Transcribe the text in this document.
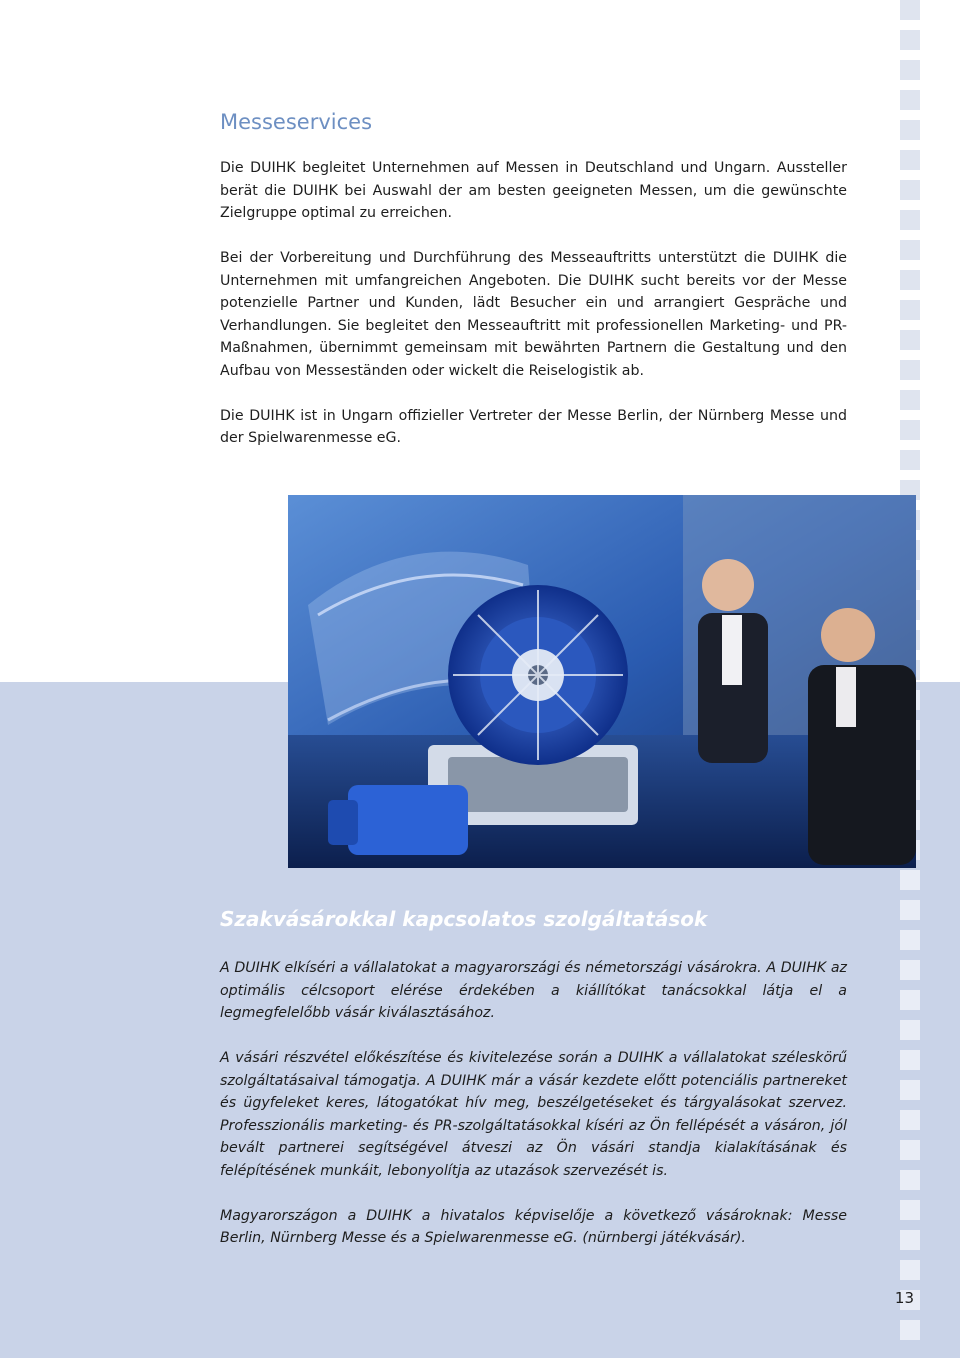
Messeservices

Die DUIHK begleitet Unternehmen auf Messen in Deutschland und Ungarn. Aussteller berät die DUIHK bei Auswahl der am besten geeigneten Messen, um die gewünschte Zielgruppe optimal zu erreichen.

Bei der Vorbereitung und Durchführung des Messeauftritts unterstützt die DUIHK die Unternehmen mit umfangreichen Angeboten. Die DUIHK sucht bereits vor der Messe potenzielle Partner und Kunden, lädt Besucher ein und arrangiert Gespräche und Verhandlungen. Sie begleitet den Messeauftritt mit professionellen Marketing- und PR-Maßnahmen, übernimmt gemeinsam mit bewährten Partnern die Gestaltung und den Aufbau von Messeständen oder wickelt die Reiselogistik ab.

Die DUIHK ist in Ungarn offizieller Vertreter der Messe Berlin, der Nürnberg Messe und der Spielwarenmesse eG.

Szakvásárokkal kapcsolatos szolgáltatások

A DUIHK elkíséri a vállalatokat a magyarországi és németországi vásárokra. A DUIHK az optimális célcsoport elérése érdekében a kiállítókat tanácsokkal látja el a legmegfelelőbb vásár kiválasztásához.

A vásári részvétel előkészítése és kivitelezése során a DUIHK a vállalatokat széleskörű szolgáltatásaival támogatja. A DUIHK már a vásár kezdete előtt potenciális partnereket és ügyfeleket keres, látogatókat hív meg, beszélgetéseket és tárgyalásokat szervez. Professzionális marketing- és PR-szolgáltatásokkal kíséri az Ön fellépését a vásáron, jól bevált partnerei segítségével átveszi az Ön vásári standja kialakításának és felépítésének munkáit, lebonyolítja az utazások szervezését is.

Magyarországon a DUIHK a hivatalos képviselője a következő vásároknak: Messe Berlin, Nürnberg Messe és a Spielwarenmesse eG. (nürnbergi játékvásár).

13
